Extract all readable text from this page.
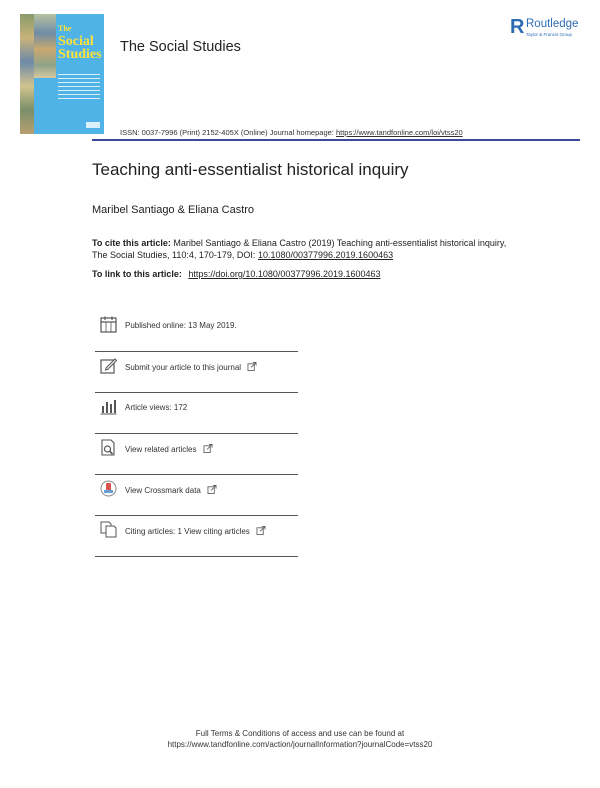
The
Social
Studies The Social Studies
R Routledge
Taylor & Francis Group
ISSN: 0037-7996 (Print) 2152-405X (Online) Journal homepage: https://www.tandfonline.com/loi/vtss20
Teaching anti-essentialist historical inquiry
Maribel Santiago & Eliana Castro
To cite this article: Maribel Santiago & Eliana Castro (2019) Teaching anti-essentialist historical inquiry, The Social Studies, 110:4, 170-179, DOI: 10.1080/00377996.2019.1600463
To link to this article: https://doi.org/10.1080/00377996.2019.1600463
Published online: 13 May 2019.
Submit your article to this journal
Article views: 172
View related articles
View Crossmark data
Citing articles: 1 View citing articles
Full Terms & Conditions of access and use can be found at
https://www.tandfonline.com/action/journalInformation?journalCode=vtss20
